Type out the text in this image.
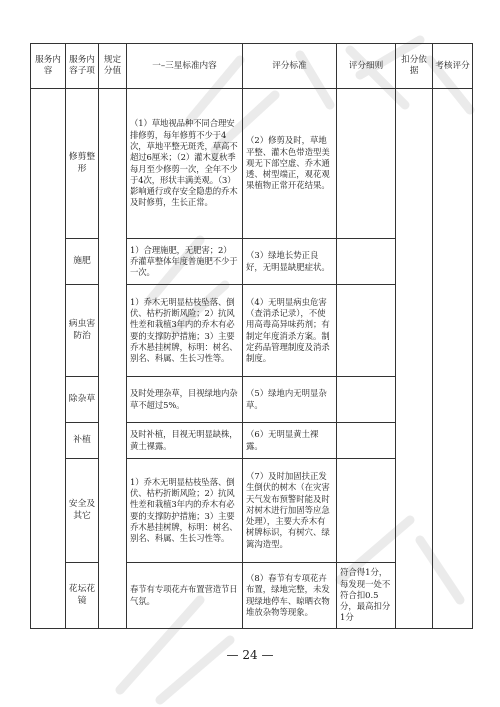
服务内容	服务内容子项	规定分值	一–三星标准内容	评分标准	评分细则	扣分依据	考核评分
	修剪整形		（1）草地视品种不同合理安排修剪，每年修剪不少于4次，草地平整无斑秃，草高不超过6厘米；（2）灌木夏秋季每月至少修剪一次，全年不少于4次，形状丰满美观。（3）影响通行或存安全隐患的乔木及时修剪，生长正常。	（2）修剪及时，草地平整、灌木色带造型美观无下部空虚、乔木通透、树型端正，观花观果植物正常开花结果。			
	施肥		1）合理施肥，无肥害；2）乔灌草整体年度普施肥不少于一次。	（3）绿地长势正良好，无明显缺肥症状。			
	病虫害防治		1）乔木无明显枯枝坠落、倒伏、枯朽折断风险；2）抗风性差和栽植3年内的乔木有必要的支撑防护措施；3）主要乔木悬挂树牌，标明：树名、别名、科属、生长习性等。	（4）无明显病虫危害（查消杀记录），不使用高毒高异味药剂；有制定年度消杀方案。制定药品管理制度及消杀制度。			
	除杂草		及时处理杂草，目视绿地内杂草不超过5%。	（5）绿地内无明显杂草。			
	补植		及时补植，目视无明显缺株，黄土裸露。	（6）无明显黄土裸露。			
	安全及其它		1）乔木无明显枯枝坠落、倒伏、枯朽折断风险；2）抗风性差和栽植3年内的乔木有必要的支撑防护措施；3）主要乔木悬挂树牌，标明：树名、别名、科属、生长习性等。	（7）及时加固扶正发生倒伏的树木（在灾害天气发布预警时能及时对树木进行加固等应急处理），主要大乔木有树牌标识，有树穴、绿篱沟造型。			
	花坛花镜		春节有专项花卉布置营造节日气氛。	（8）春节有专项花卉布置，绿地完整，未发现绿地停车、晾晒衣物堆放杂物等现象。	符合得1分，每发现一处不符合扣0.5分，最高扣分1分		
— 24 —
